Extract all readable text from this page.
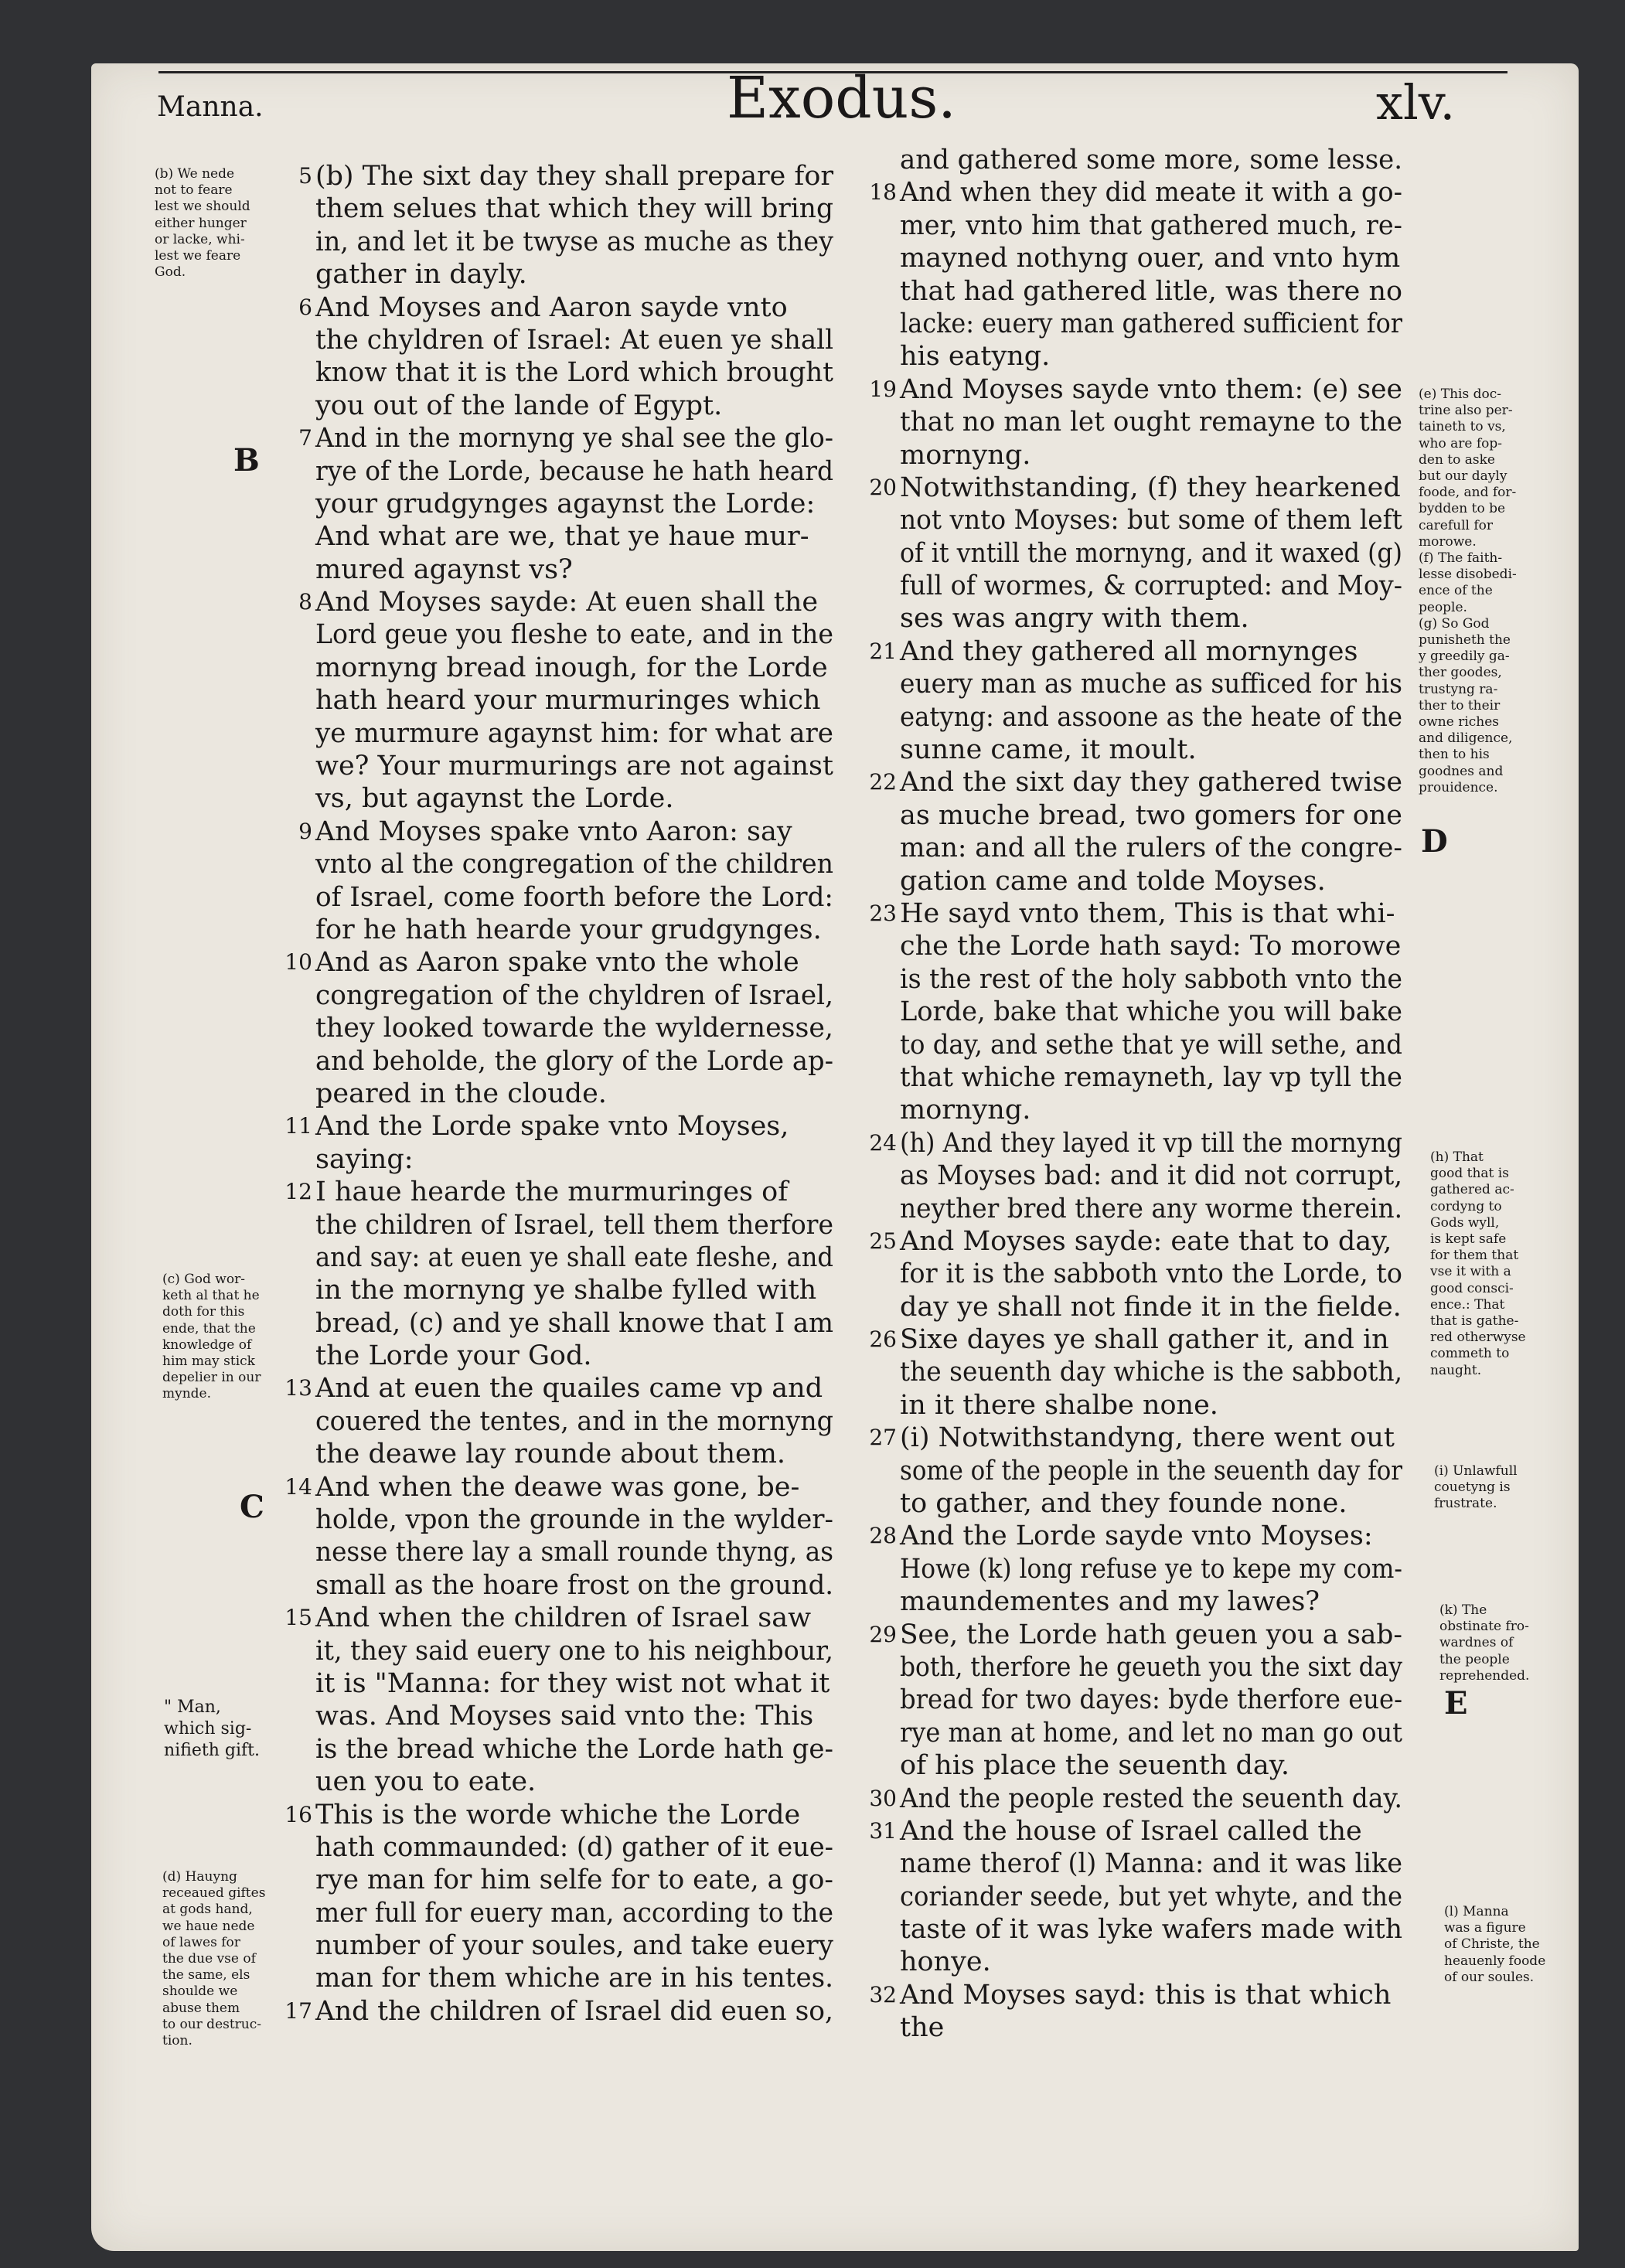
Manna.	Exodus.	xlv.
5 (b) The sixt day they shall prepare for
them selues that which they will bring
in, and let it be twyse as muche as they
gather in dayly.
6 And Moyses and Aaron sayde vnto
the chyldren of Israel: At euen ye shall
know that it is the Lord which brought
you out of the lande of Egypt.
7 And in the mornyng ye shal see the glo-
rye of the Lorde, because he hath heard
your grudgynges agaynst the Lorde:
And what are we, that ye haue mur-
mured agaynst vs?
8 And Moyses sayde: At euen shall the
Lord geue you fleshe to eate, and in the
mornyng bread inough, for the Lorde
hath heard your murmuringes which
ye murmure agaynst him: for what are
we? Your murmurings are not against
vs, but agaynst the Lorde.
9 And Moyses spake vnto Aaron: say
vnto al the congregation of the children
of Israel, come foorth before the Lord:
for he hath hearde your grudgynges.
10 And as Aaron spake vnto the whole
congregation of the chyldren of Israel,
they looked towarde the wyldernesse,
and beholde, the glory of the Lorde ap-
peared in the cloude.
11 And the Lorde spake vnto Moyses,
saying:
12 I haue hearde the murmuringes of
the children of Israel, tell them therfore
and say: at euen ye shall eate fleshe, and
in the mornyng ye shalbe fylled with
bread, (c) and ye shall knowe that I am
the Lorde your God.
13 And at euen the quailes came vp and
couered the tentes, and in the mornyng
the deawe lay rounde about them.
14 And when the deawe was gone, be-
holde, vpon the grounde in the wylder-
nesse there lay a small rounde thyng, as
small as the hoare frost on the ground.
15 And when the children of Israel saw
it, they said euery one to his neighbour,
it is "Manna: for they wist not what it
was. And Moyses said vnto the: This
is the bread whiche the Lorde hath ge-
uen you to eate.
16 This is the worde whiche the Lorde
hath commaunded: (d) gather of it eue-
rye man for him selfe for to eate, a go-
mer full for euery man, according to the
number of your soules, and take euery
man for them whiche are in his tentes.
17 And the children of Israel did euen so,
and gathered some more, some lesse.
18 And when they did meate it with a go-
mer, vnto him that gathered much, re-
mayned nothyng ouer, and vnto hym
that had gathered litle, was there no
lacke: euery man gathered sufficient for
his eatyng.
19 And Moyses sayde vnto them: (e) see
that no man let ought remayne to the
mornyng.
20 Notwithstanding, (f) they hearkened
not vnto Moyses: but some of them left
of it vntill the mornyng, and it waxed (g)
full of wormes, & corrupted: and Moy-
ses was angry with them.
21 And they gathered all mornynges
euery man as muche as sufficed for his
eatyng: and assoone as the heate of the
sunne came, it moult.
22 And the sixt day they gathered twise
as muche bread, two gomers for one
man: and all the rulers of the congre-
gation came and tolde Moyses.
23 He sayd vnto them, This is that whi-
che the Lorde hath sayd: To morowe
is the rest of the holy sabboth vnto the
Lorde, bake that whiche you will bake
to day, and sethe that ye will sethe, and
that whiche remayneth, lay vp tyll the
mornyng.
24 (h) And they layed it vp till the mornyng
as Moyses bad: and it did not corrupt,
neyther bred there any worme therein.
25 And Moyses sayde: eate that to day,
for it is the sabboth vnto the Lorde, to
day ye shall not finde it in the fielde.
26 Sixe dayes ye shall gather it, and in
the seuenth day whiche is the sabboth,
in it there shalbe none.
27 (i) Notwithstandyng, there went out
some of the people in the seuenth day for
to gather, and they founde none.
28 And the Lorde sayde vnto Moyses:
Howe (k) long refuse ye to kepe my com-
maundementes and my lawes?
29 See, the Lorde hath geuen you a sab-
both, therfore he geueth you the sixt day
bread for two dayes: byde therfore eue-
rye man at home, and let no man go out
of his place the seuenth day.
30 And the people rested the seuenth day.
31 And the house of Israel called the
name therof (l) Manna: and it was like
coriander seede, but yet whyte, and the
taste of it was lyke wafers made with
honye.
32 And Moyses sayd: this is that which
the
(b) We nede
not to feare
lest we should
either hunger
or lacke, whi-
lest we feare
God.
(c) God wor-
keth al that he
doth for this
ende, that the
knowledge of
him may stick
depelier in our
mynde.
" Man,
which sig-
nifieth gift.
(d) Hauyng
receaued giftes
at gods hand,
we haue nede
of lawes for
the due vse of
the same, els
shoulde we
abuse them
to our destruc-
tion.
(e) This doc-
trine also per-
taineth to vs,
who are fop-
den to aske
but our dayly
foode, and for-
bydden to be
carefull for
morowe.
(f) The faith-
lesse disobedi-
ence of the
people.
(g) So God
punisheth the
y greedily ga-
ther goodes,
trustyng ra-
ther to their
owne riches
and diligence,
then to his
goodnes and
prouidence.
(h) That
good that is
gathered ac-
cordyng to
Gods wyll,
is kept safe
for them that
vse it with a
good consci-
ence.: That
that is gathe-
red otherwyse
commeth to
naught.
(i) Unlawfull
couetyng is
frustrate.
(k) The
obstinate fro-
wardnes of
the people
reprehended.
(l) Manna
was a figure
of Christe, the
heauenly foode
of our soules.
B
C
D
E
